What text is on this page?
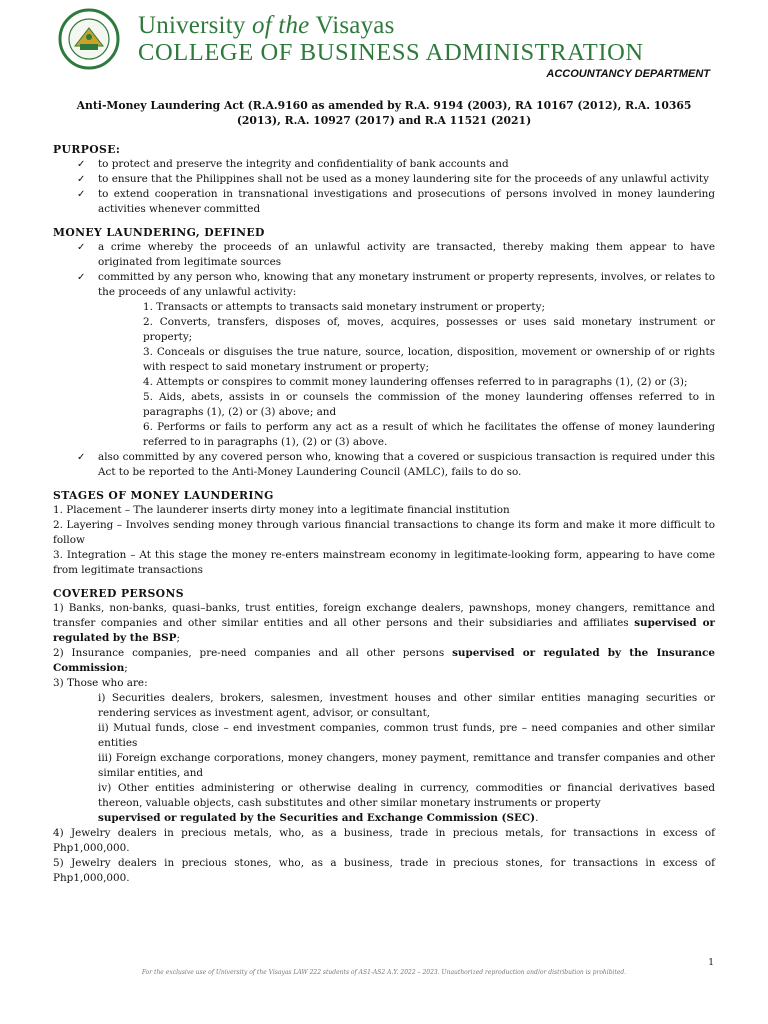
University of the Visayas
COLLEGE OF BUSINESS ADMINISTRATION
ACCOUNTANCY DEPARTMENT
Anti-Money Laundering Act (R.A.9160 as amended by R.A. 9194 (2003), RA 10167 (2012), R.A. 10365
(2013), R.A. 10927 (2017) and R.A 11521 (2021)
PURPOSE:
✓ to protect and preserve the integrity and confidentiality of bank accounts and
✓ to ensure that the Philippines shall not be used as a money laundering site for the proceeds of any unlawful activity
✓ to extend cooperation in transnational investigations and prosecutions of persons involved in money laundering activities whenever committed
MONEY LAUNDERING, DEFINED
✓ a crime whereby the proceeds of an unlawful activity are transacted, thereby making them appear to have originated from legitimate sources
✓ committed by any person who, knowing that any monetary instrument or property represents, involves, or relates to the proceeds of any unlawful activity:
1. Transacts or attempts to transacts said monetary instrument or property;
2. Converts, transfers, disposes of, moves, acquires, possesses or uses said monetary instrument or property;
3. Conceals or disguises the true nature, source, location, disposition, movement or ownership of or rights with respect to said monetary instrument or property;
4. Attempts or conspires to commit money laundering offenses referred to in paragraphs (1), (2) or (3);
5. Aids, abets, assists in or counsels the commission of the money laundering offenses referred to in paragraphs (1), (2) or (3) above; and
6. Performs or fails to perform any act as a result of which he facilitates the offense of money laundering referred to in paragraphs (1), (2) or (3) above.
✓ also committed by any covered person who, knowing that a covered or suspicious transaction is required under this Act to be reported to the Anti-Money Laundering Council (AMLC), fails to do so.
STAGES OF MONEY LAUNDERING

1. Placement – The launderer inserts dirty money into a legitimate financial institution

2. Layering – Involves sending money through various financial transactions to change its form and make it more difficult to follow

3. Integration – At this stage the money re-enters mainstream economy in legitimate-looking form, appearing to have come from legitimate transactions

COVERED PERSONS

1) Banks, non-banks, quasi–banks, trust entities, foreign exchange dealers, pawnshops, money changers, remittance and transfer companies and other similar entities and all other persons and their subsidiaries and affiliates supervised or regulated by the BSP;

2) Insurance companies, pre-need companies and all other persons supervised or regulated by the Insurance Commission;

3) Those who are:

i) Securities dealers, brokers, salesmen, investment houses and other similar entities managing securities or rendering services as investment agent, advisor, or consultant,
ii) Mutual funds, close – end investment companies, common trust funds, pre – need companies and other similar entities
iii) Foreign exchange corporations, money changers, money payment, remittance and transfer companies and other similar entities, and
iv) Other entities administering or otherwise dealing in currency, commodities or financial derivatives based thereon, valuable objects, cash substitutes and other similar monetary instruments or property
supervised or regulated by the Securities and Exchange Commission (SEC).

4) Jewelry dealers in precious metals, who, as a business, trade in precious metals, for transactions in excess of Php1,000,000.

5) Jewelry dealers in precious stones, who, as a business, trade in precious stones, for transactions in excess of Php1,000,000.

1
For the exclusive use of University of the Visayas LAW 222 students of AS1-AS2 A.Y. 2022 – 2023. Unauthorized reproduction and/or distribution is prohibited.
